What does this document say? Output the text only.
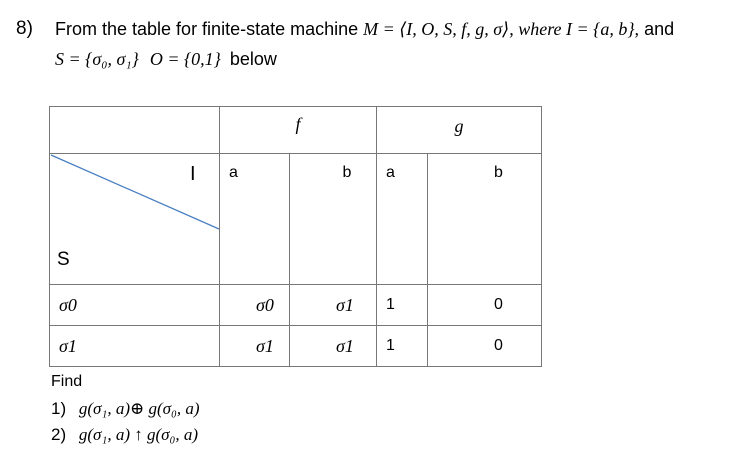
8) From the table for finite-state machine M = ⟨I, O, S, f, g, σ⟩, where I = {a, b}, and
S = {σ₀, σ₁} O = {0,1} below
	f		g	

I
S	a	b	a	b
σ0	σ0	σ1	1	0
σ1	σ1	σ1	1	0
Find
1) g(σ₁, a)⊕ g(σ₀, a)
2) g(σ₁, a) ↑ g(σ₀, a)
